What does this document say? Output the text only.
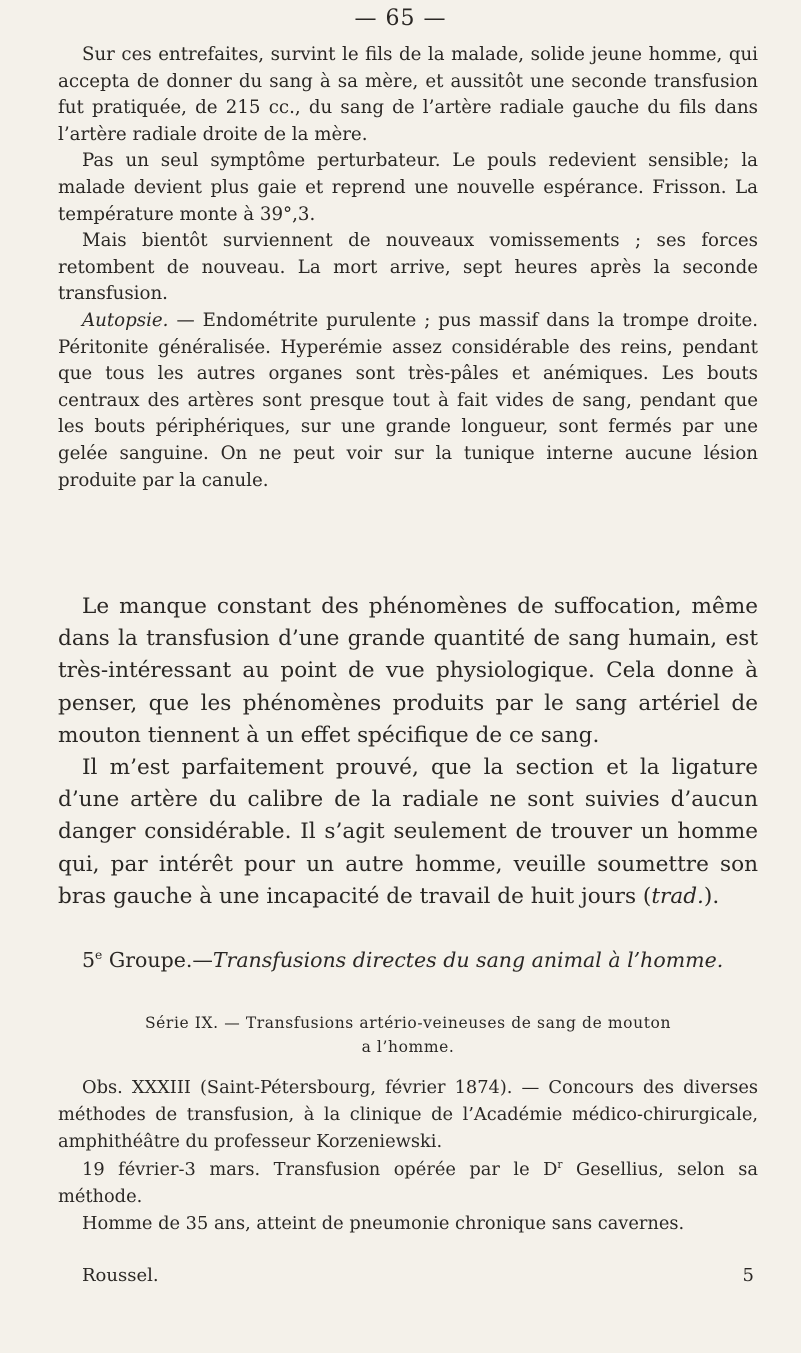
— 65 —

Sur ces entrefaites, survint le fils de la malade, solide jeune homme, qui accepta de donner du sang à sa mère, et aussitôt une seconde transfusion fut pratiquée, de 215 cc., du sang de l’artère radiale gauche du fils dans l’artère radiale droite de la mère.

Pas un seul symptôme perturbateur. Le pouls redevient sensible; la malade devient plus gaie et reprend une nouvelle espérance. Frisson. La température monte à 39°,3.

Mais bientôt surviennent de nouveaux vomissements ; ses forces retombent de nouveau. La mort arrive, sept heures après la seconde transfusion.

Autopsie. — Endométrite purulente ; pus massif dans la trompe droite. Péritonite généralisée. Hyperémie assez considérable des reins, pendant que tous les autres organes sont très-pâles et anémiques. Les bouts centraux des artères sont presque tout à fait vides de sang, pendant que les bouts périphériques, sur une grande longueur, sont fermés par une gelée sanguine. On ne peut voir sur la tunique interne aucune lésion produite par la canule.

Le manque constant des phénomènes de suffocation, même dans la transfusion d’une grande quantité de sang humain, est très-intéressant au point de vue physiologique. Cela donne à penser, que les phénomènes produits par le sang artériel de mouton tiennent à un effet spécifique de ce sang.

Il m’est parfaitement prouvé, que la section et la ligature d’une artère du calibre de la radiale ne sont suivies d’aucun danger considérable. Il s’agit seulement de trouver un homme qui, par intérêt pour un autre homme, veuille soumettre son bras gauche à une incapacité de travail de huit jours (trad.).

5e Groupe.—Transfusions directes du sang animal à l’homme.
Série IX. — Transfusions artério-veineuses de sang de mouton
a l’homme.

Obs. XXXIII (Saint-Pétersbourg, février 1874). — Concours des diverses méthodes de transfusion, à la clinique de l’Académie médico-chirurgicale, amphithéâtre du professeur Korzeniewski.

19 février-3 mars. Transfusion opérée par le $D^r$ Gesellius, selon sa méthode.

Homme de 35 ans, atteint de pneumonie chronique sans cavernes.

Roussel.	5
